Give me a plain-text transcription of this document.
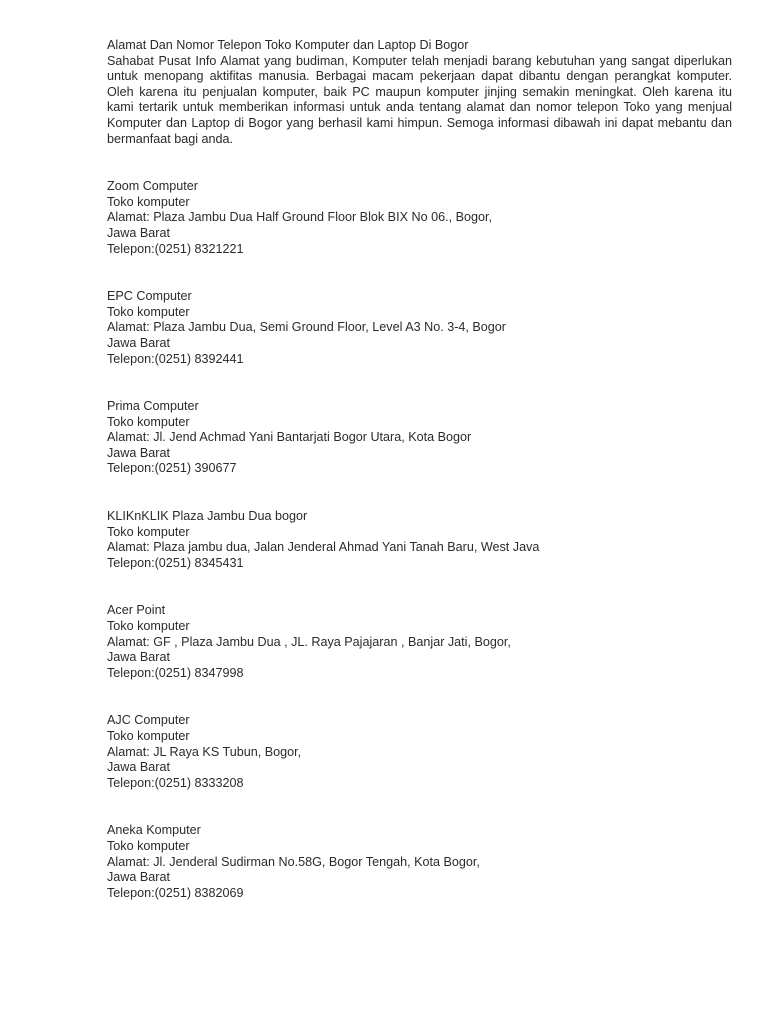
Alamat Dan Nomor Telepon Toko Komputer dan Laptop Di Bogor

Sahabat Pusat Info Alamat yang budiman, Komputer telah menjadi barang kebutuhan yang sangat diperlukan untuk menopang aktifitas manusia. Berbagai macam pekerjaan dapat dibantu dengan perangkat komputer. Oleh karena itu penjualan komputer, baik PC maupun komputer jinjing semakin meningkat. Oleh karena itu kami tertarik untuk memberikan informasi untuk anda tentang alamat dan nomor telepon Toko yang menjual Komputer dan Laptop di Bogor yang berhasil kami himpun. Semoga informasi dibawah ini dapat mebantu dan bermanfaat bagi anda.

Zoom Computer
Toko komputer
Alamat: Plaza Jambu Dua Half Ground Floor Blok BIX No 06., Bogor,
Jawa Barat
Telepon:(0251) 8321221
EPC Computer
Toko komputer
Alamat: Plaza Jambu Dua, Semi Ground Floor, Level A3 No. 3-4, Bogor
Jawa Barat
Telepon:(0251) 8392441
Prima Computer
Toko komputer
Alamat: Jl. Jend Achmad Yani Bantarjati Bogor Utara, Kota Bogor
Jawa Barat
Telepon:(0251) 390677
KLIKnKLIK Plaza Jambu Dua bogor
Toko komputer
Alamat: Plaza jambu dua, Jalan Jenderal Ahmad Yani Tanah Baru, West Java
Telepon:(0251) 8345431
Acer Point
Toko komputer
Alamat: GF , Plaza Jambu Dua , JL. Raya Pajajaran , Banjar Jati, Bogor,
Jawa Barat
Telepon:(0251) 8347998
AJC Computer
Toko komputer
Alamat: JL Raya KS Tubun, Bogor,
Jawa Barat
Telepon:(0251) 8333208
Aneka Komputer
Toko komputer
Alamat: Jl. Jenderal Sudirman No.58G, Bogor Tengah, Kota Bogor,
Jawa Barat
Telepon:(0251) 8382069
